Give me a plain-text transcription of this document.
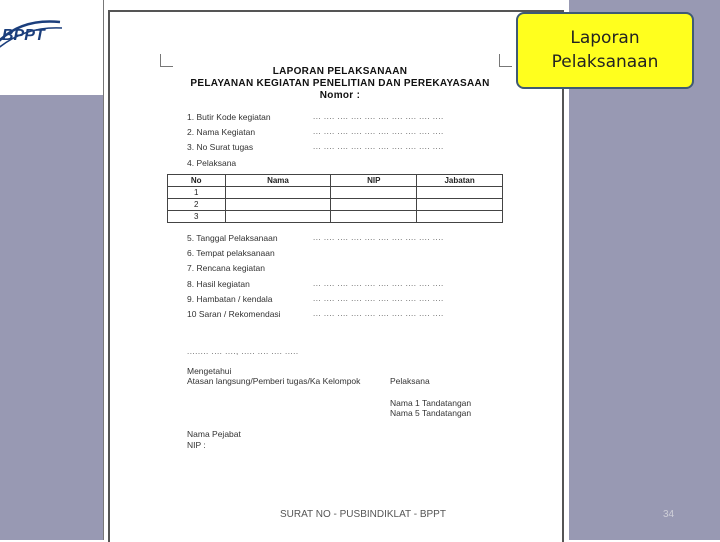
BPPT
LAPORAN PELAKSANAAN
PELAYANAN KEGIATAN PENELITIAN DAN PEREKAYASAAN
Nomor :
1. Butir Kode kegiatan	... .... .... .... .... .... .... .... .... ....
2. Nama Kegiatan	... .... .... .... .... .... .... .... .... ....
3. No Surat tugas	... .... .... .... .... .... .... .... .... ....
4. Pelaksana
No	Nama	NIP	Jabatan
1			
2			
3			
5. Tanggal Pelaksanaan	... .... .... .... .... .... .... .... .... ....
6. Tempat pelaksanaan
7. Rencana kegiatan
8. Hasil kegiatan	... .... .... .... .... .... .... .... .... ....
9. Hambatan / kendala	... .... .... .... .... .... .... .... .... ....
10 Saran / Rekomendasi	... .... .... .... .... .... .... .... .... ....
........ .... ...., ..... .... .... .....
Mengetahui
Atasan langsung/Pemberi tugas/Ka Kelompok	Pelaksana
Nama 1 Tandatangan
Nama 5 Tandatangan
Nama Pejabat
NIP :
Laporan
Pelaksanaan
SURAT NO - PUSBINDIKLAT - BPPT	34
